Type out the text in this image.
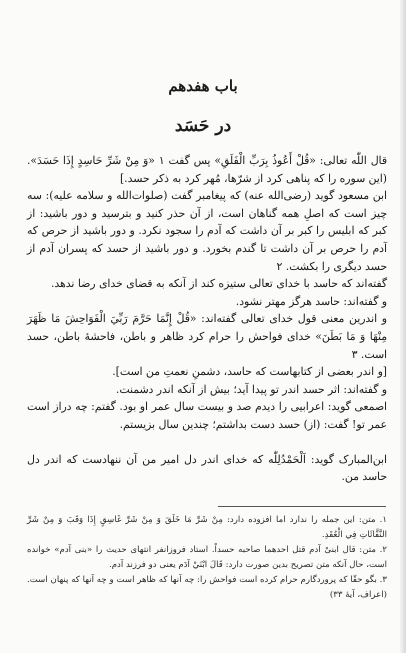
باب هفدهم
در حَسَد

قال اللّٰه تعالی: «قُلْ أَعُوذُ بِرَبِّ الْفَلَقِ» پس گفت ۱ «وَ مِنْ شَرِّ حَاسِدٍ إِذَا حَسَدَ». (این سوره را که پناهی کرد از شرّها، مُهر کرد به ذکر حسد.]

ابن مسعود گوید (رضی‌الله عنه) که پیغامبر گفت (صلوات‌الله و سلامه علیه): سه چیز است که اصلِ همه گناهان است، از آن حذر کنید و بترسید و دور باشید: از کبر که ابلیس را کبر بر آن داشت که آدم را سجود نکرد. و دور باشید از حرص که آدم را حرص بر آن داشت تا گندم بخورد. و دور باشید از حسد که پسران آدم از حسد دیگری را بکشت. ۲

گفته‌اند که حاسد با خدای تعالی ستیزه کند از آنکه به قضای خدای رضا ندهد.

و گفته‌اند: حاسد هرگز مهتر نشود.

و اندرین معنی قول خدای تعالی گفته‌اند: «قُلْ إِنَّمَا حَرَّمَ رَبِّيَ الْفَوَاحِشَ مَا ظَهَرَ مِنْهَا وَ مَا بَطَنَ» خدای فواحش را حرام کرد ظاهر و باطن، فاحشهٔ باطن، حسد است. ۳

[و اندر بعضی از کتابهاست که حاسد، دشمنِ نعمتِ من است].

و گفته‌اند: اثر حسد اندر تو پیدا آید؛ بیش از آنکه اندر دشمنت.

اصمعی گوید: اعرابیی را دیدم صد و بیست سال عمر او بود. گفتم: چه دراز است عمر تو! گفت: (از) حسد دست بداشتم؛ چندین سال بزیستم.

ابن‌المبارک گوید: اَلْحَمْدُلِلّٰه که خدای اندر دل امیر من آن ننهادست که اندر دل حاسد من.

۱. متن: این جمله را ندارد اما افزوده دارد: مِنْ شَرِّ مَا خَلَقَ وَ مِنْ شَرِّ غَاسِقٍ إِذَا وَقَبَ وَ مِنْ شَرِّ النَّفَّاثَاتِ فِي الْعُقَدِ.

۲. متن: قال ابنیْ آدم قتل احدهما صاحبه حسداً. استاد فروزانفر انتهای حدیث را «بنی آدم» خوانده است، حال آنکه متن تصریح بدین صورت دارد: قَالَ ابْنَيْ آدَم یعنی دو فرزند آدم.

۳. بگو حقّا که پروردگارم حرام کرده است فواحش را: چه آنها که ظاهر است و چه آنها که پنهان است. (اعراف، آیهٔ ۳۳)
